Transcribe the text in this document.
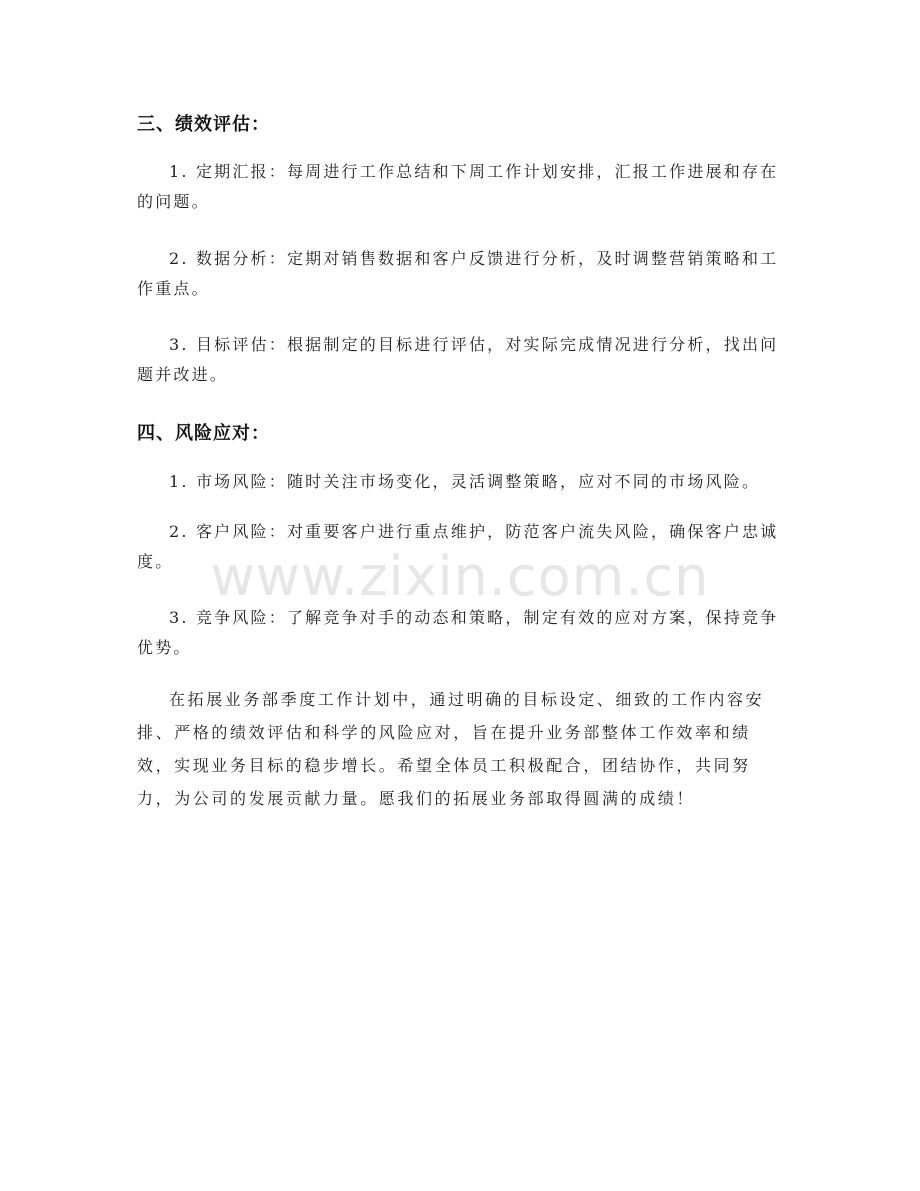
三、绩效评估：

1. 定期汇报：每周进行工作总结和下周工作计划安排，汇报工作进展和存在的问题。

2. 数据分析：定期对销售数据和客户反馈进行分析，及时调整营销策略和工作重点。

3. 目标评估：根据制定的目标进行评估，对实际完成情况进行分析，找出问题并改进。

四、风险应对：

1. 市场风险：随时关注市场变化，灵活调整策略，应对不同的市场风险。

2. 客户风险：对重要客户进行重点维护，防范客户流失风险，确保客户忠诚度。

3. 竞争风险：了解竞争对手的动态和策略，制定有效的应对方案，保持竞争优势。

在拓展业务部季度工作计划中，通过明确的目标设定、细致的工作内容安排、严格的绩效评估和科学的风险应对，旨在提升业务部整体工作效率和绩效，实现业务目标的稳步增长。希望全体员工积极配合，团结协作，共同努力，为公司的发展贡献力量。愿我们的拓展业务部取得圆满的成绩！

www.zixin.com.cn
